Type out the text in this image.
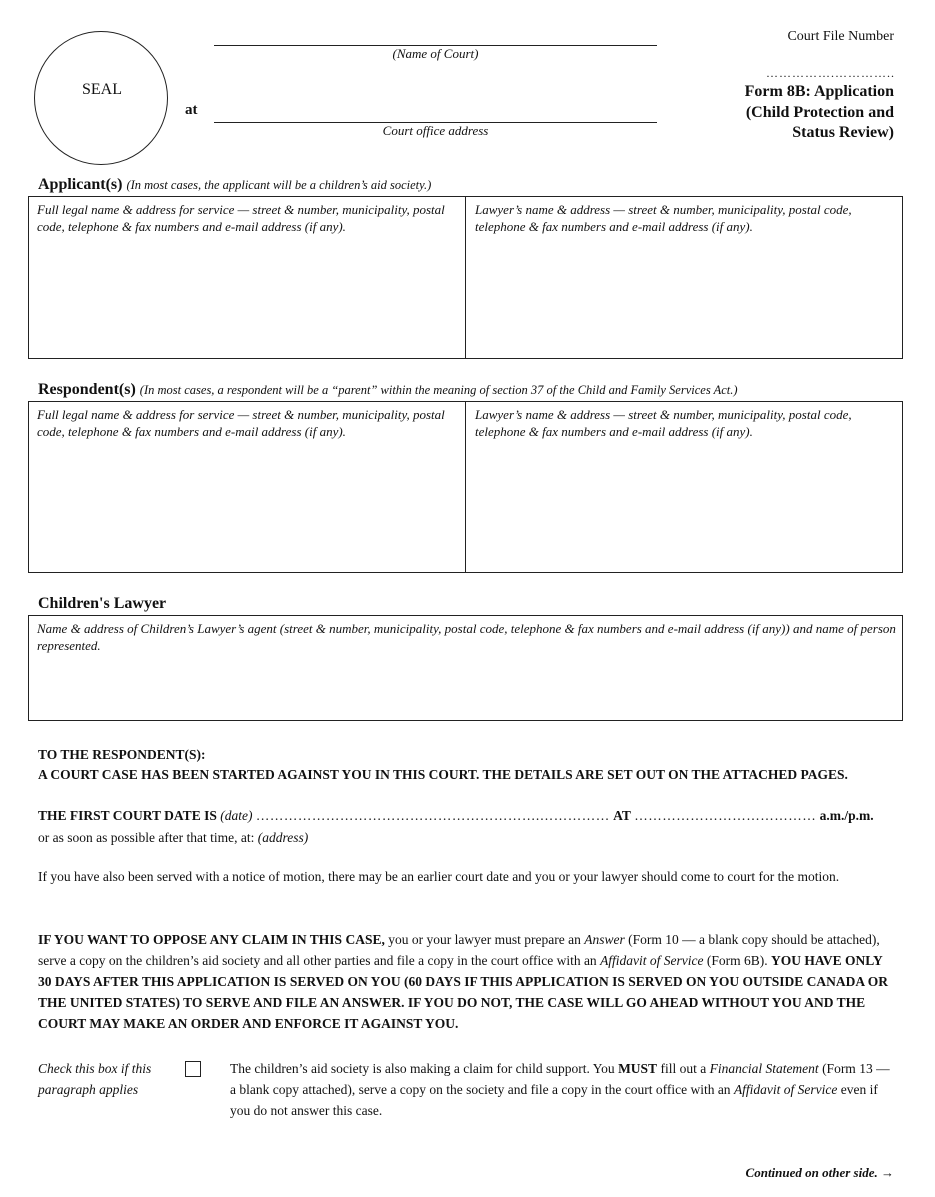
SEAL
at
(Name of Court)
Court office address
Court File Number
…………….…………..
Form 8B: Application
(Child Protection and
Status Review)
Applicant(s) (In most cases, the applicant will be a children’s aid society.)
Full legal name & address for service — street & number, municipality, postal code, telephone & fax numbers and e-mail address (if any).
Lawyer’s name & address — street & number, municipality, postal code, telephone & fax numbers and e-mail address (if any).
Respondent(s) (In most cases, a respondent will be a “parent” within the meaning of section 37 of the Child and Family Services Act.)
Full legal name & address for service — street & number, municipality, postal code, telephone & fax numbers and e-mail address (if any).
Lawyer’s name & address — street & number, municipality, postal code, telephone & fax numbers and e-mail address (if any).
Children's Lawyer
Name & address of Children’s Lawyer’s agent (street & number, municipality, postal code, telephone & fax numbers and e-mail address (if any)) and name of person represented.
TO THE RESPONDENT(S):
A COURT CASE HAS BEEN STARTED AGAINST YOU IN THIS COURT. THE DETAILS ARE SET OUT ON THE ATTACHED PAGES.
THE FIRST COURT DATE IS (date) …………………………………………………….…………… AT ………………………………… a.m./p.m.
or as soon as possible after that time, at: (address)
If you have also been served with a notice of motion, there may be an earlier court date and you or your lawyer should come to court for the motion.
IF YOU WANT TO OPPOSE ANY CLAIM IN THIS CASE, you or your lawyer must prepare an Answer (Form 10 — a blank copy should be attached), serve a copy on the children’s aid society and all other parties and file a copy in the court office with an Affidavit of Service (Form 6B). YOU HAVE ONLY 30 DAYS AFTER THIS APPLICATION IS SERVED ON YOU (60 DAYS IF THIS APPLICATION IS SERVED ON YOU OUTSIDE CANADA OR THE UNITED STATES) TO SERVE AND FILE AN ANSWER. IF YOU DO NOT, THE CASE WILL GO AHEAD WITHOUT YOU AND THE COURT MAY MAKE AN ORDER AND ENFORCE IT AGAINST YOU.
Check this box if this paragraph applies
The children’s aid society is also making a claim for child support. You MUST fill out a Financial Statement (Form 13 — a blank copy attached), serve a copy on the society and file a copy in the court office with an Affidavit of Service even if you do not answer this case.
Continued on other side. →
